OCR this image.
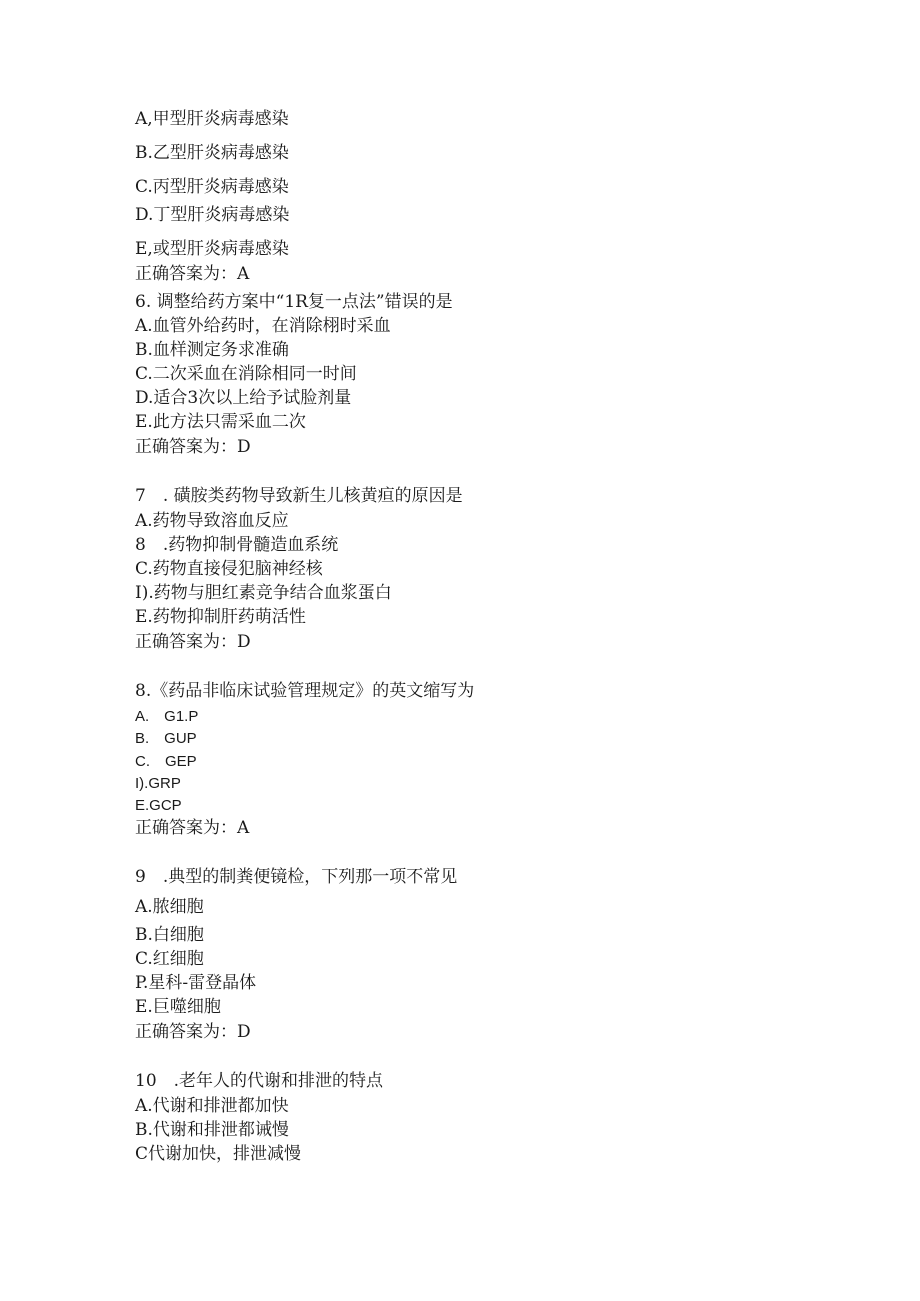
A,甲型肝炎病毒感染
B.乙型肝炎病毒感染
C.丙型肝炎病毒感染
D.丁型肝炎病毒感染
E,或型肝炎病毒感染
正确答案为：A
6. 调整给药方案中“1R复一点法”错误的是
A.血管外给药时，在消除栩时采血
B.血样测定务求准确
C.二次采血在消除相同一时间
D.适合3次以上给予试脸剂量
E.此方法只需采血二次
正确答案为：D
7　. 磺胺类药物导致新生儿核黄疸的原因是
A.药物导致溶血反应
8　.药物抑制骨髓造血系统
C.药物直接侵犯脑神经核
I).药物与胆红素竞争结合血浆蛋白
E.药物抑制肝药萌活性
正确答案为：D
8.《药品非临床试验管理规定》的英文缩写为
A.　G1.P
B.　GUP
C.　GEP
I).GRP
E.GCP
正确答案为：A
9　.典型的制粪便镜检，下列那一项不常见
A.脓细胞
B.白细胞
C.红细胞
P.星科-雷登晶体
E.巨噬细胞
正确答案为：D
10　.老年人的代谢和排泄的特点
A.代谢和排泄都加快
B.代谢和排泄都诫慢
C代谢加快，排泄减慢
